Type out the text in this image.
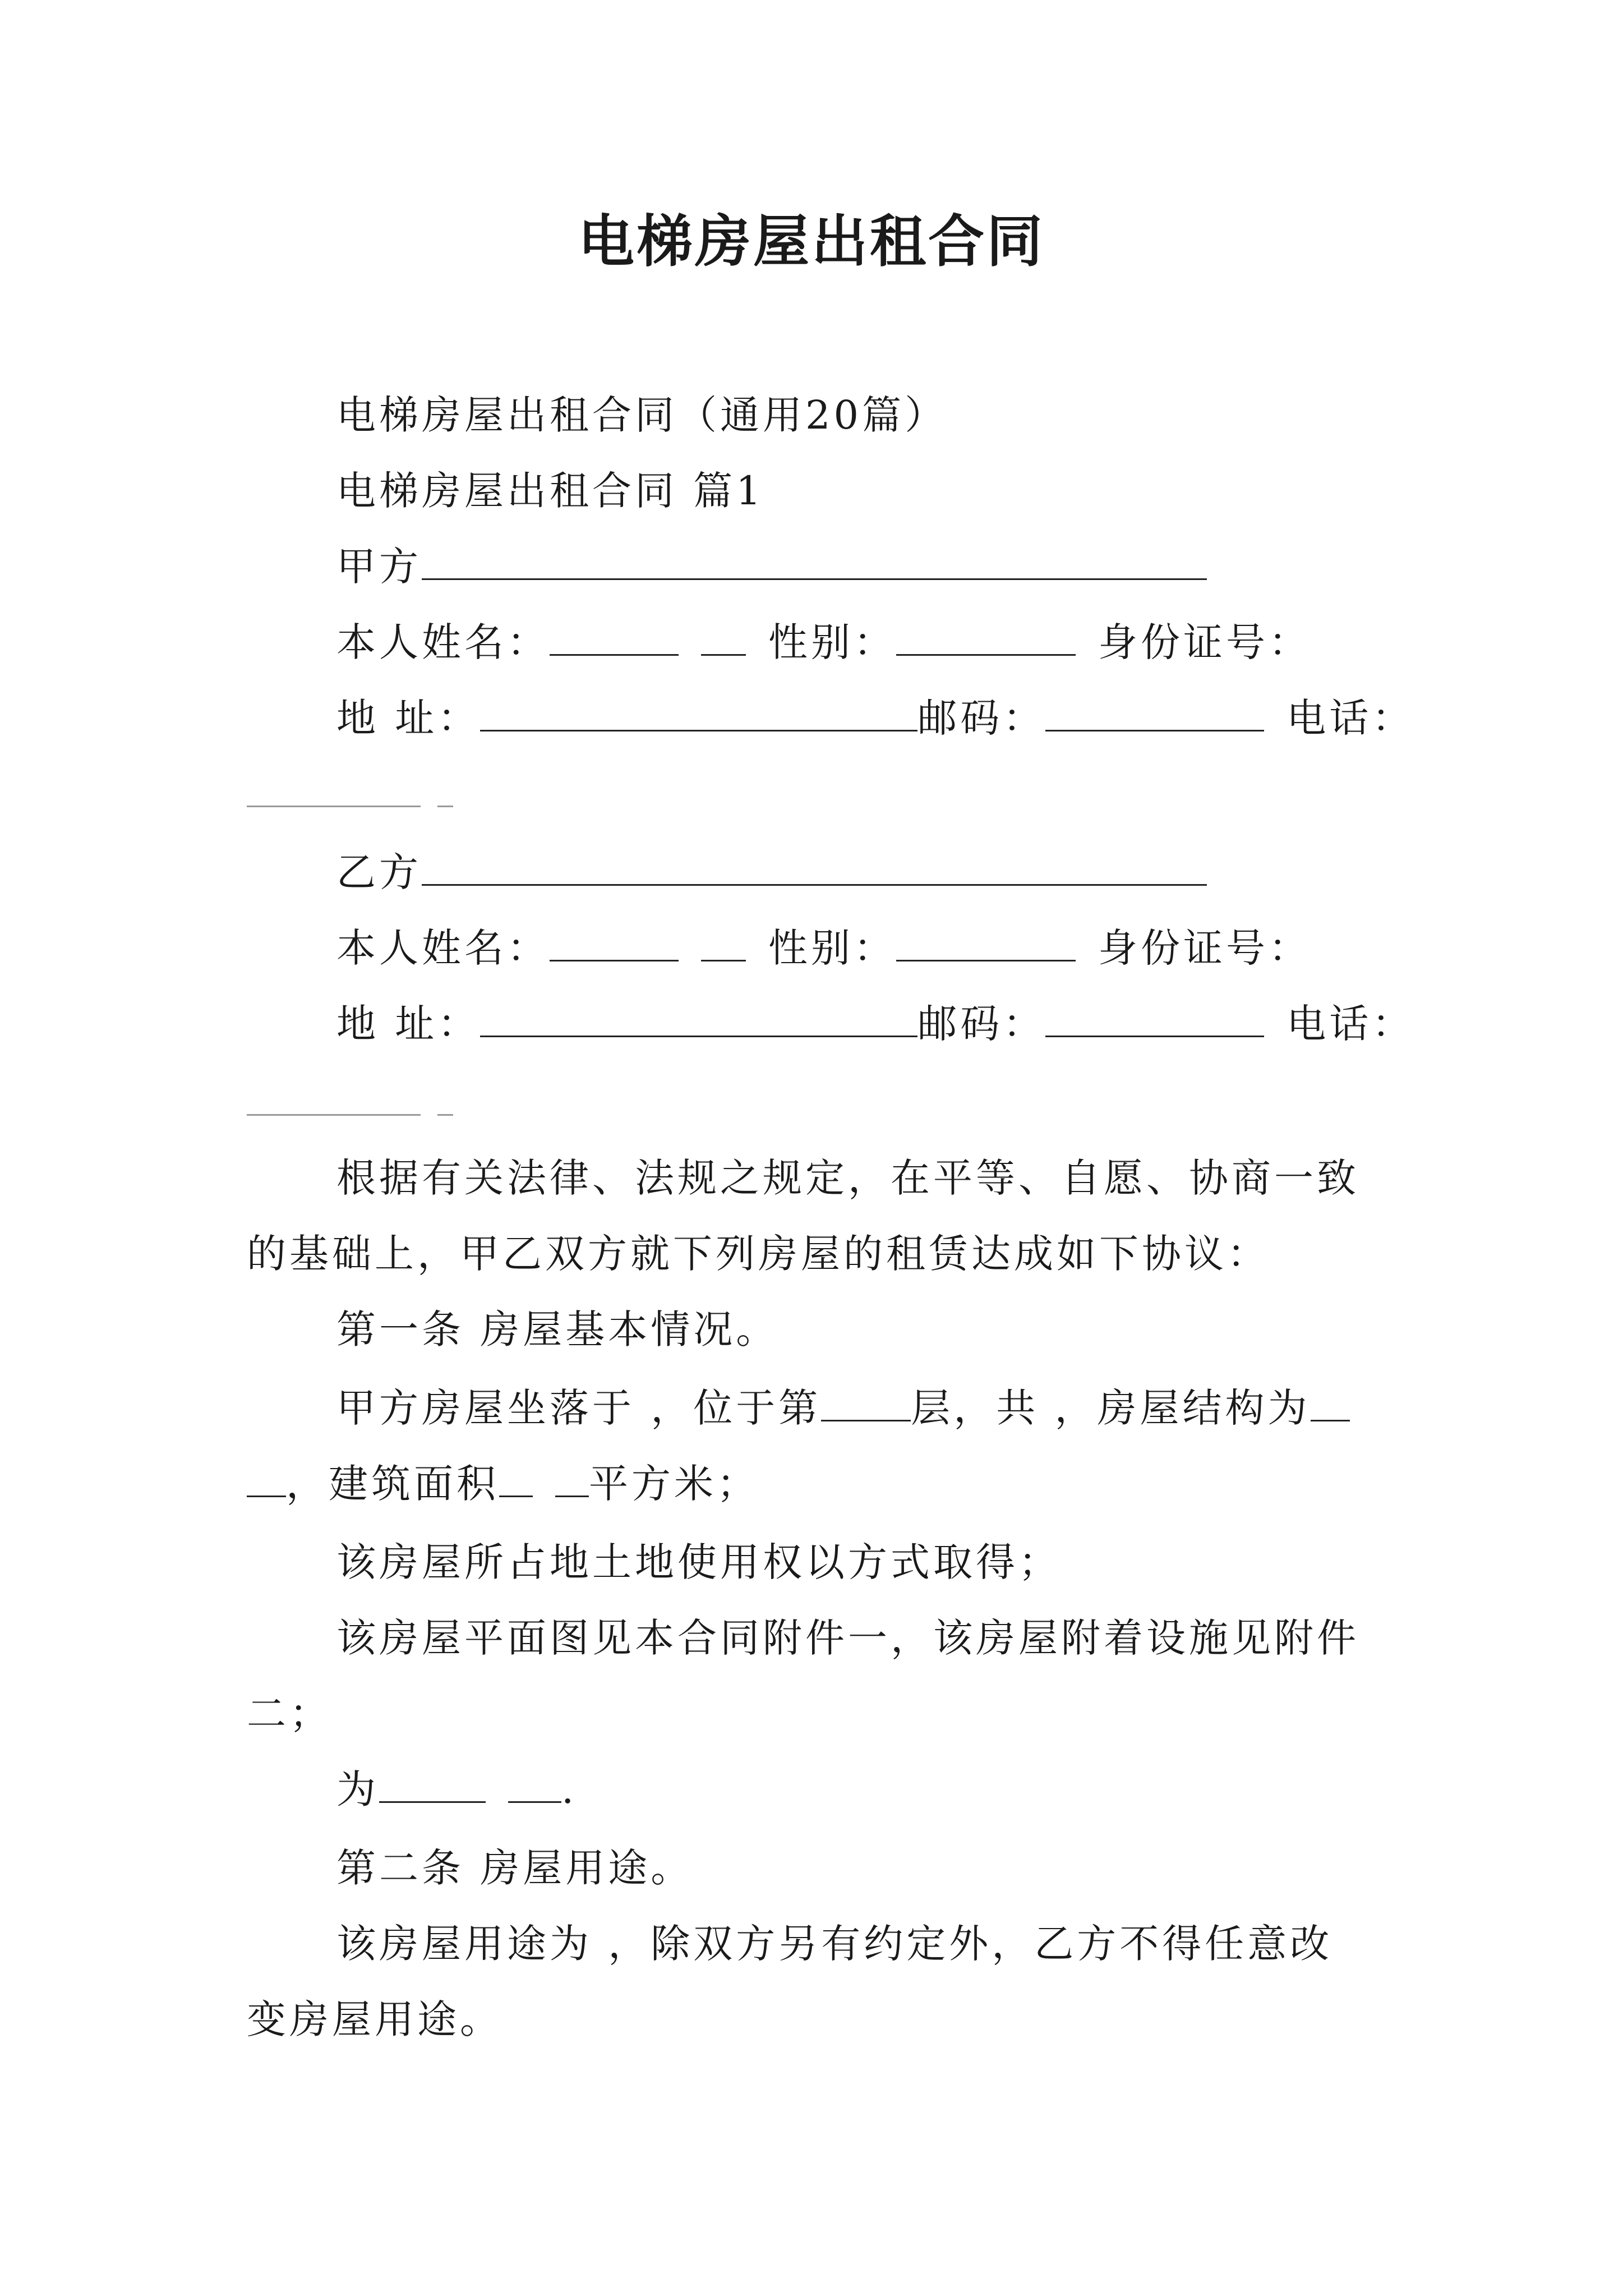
电梯房屋出租合同
电梯房屋出租合同（通用20篇）
电梯房屋出租合同 篇1
甲方
本人姓名：	性别：	身份证号：
地 址：	邮码：	电话：
乙方
本人姓名：	性别：	身份证号：
地 址：	邮码：	电话：
根据有关法律、法规之规定，在平等、自愿、协商一致
的基础上，甲乙双方就下列房屋的租赁达成如下协议：
第一条 房屋基本情况。
甲方房屋坐落于 ，位于第 层，共 ，房屋结构为
，建筑面积 平方米；
该房屋所占地土地使用权以方式取得；
该房屋平面图见本合同附件一，该房屋附着设施见附件
二；
为	.
第二条 房屋用途。
该房屋用途为 ，除双方另有约定外，乙方不得任意改
变房屋用途。
